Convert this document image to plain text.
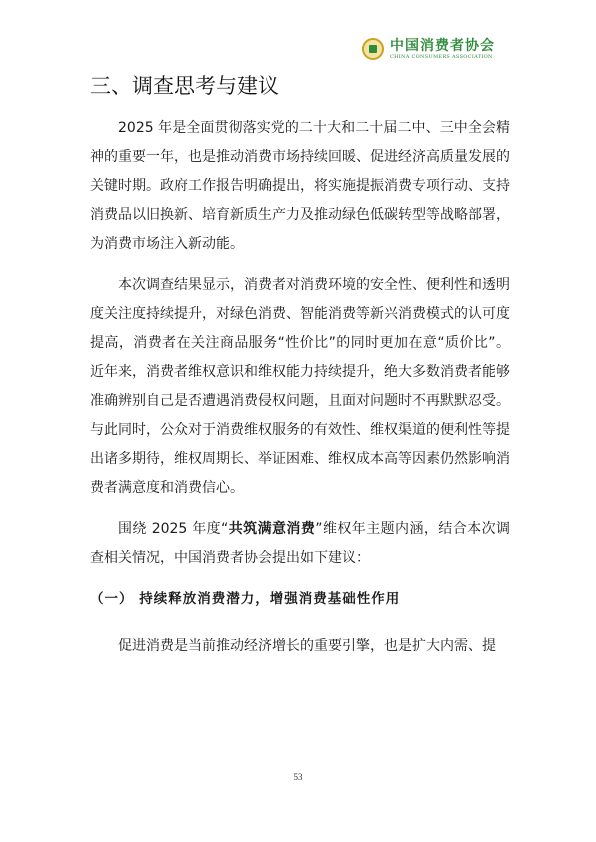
中国消费者协会
CHINA CONSUMERS ASSOCIATION
三、调查思考与建议

2025 年是全面贯彻落实党的二十大和二十届二中、三中全会精神的重要一年，也是推动消费市场持续回暖、促进经济高质量发展的关键时期。政府工作报告明确提出，将实施提振消费专项行动、支持消费品以旧换新、培育新质生产力及推动绿色低碳转型等战略部署，为消费市场注入新动能。

本次调查结果显示，消费者对消费环境的安全性、便利性和透明度关注度持续提升，对绿色消费、智能消费等新兴消费模式的认可度提高，消费者在关注商品服务“性价比”的同时更加在意“质价比”。近年来，消费者维权意识和维权能力持续提升，绝大多数消费者能够准确辨别自己是否遭遇消费侵权问题，且面对问题时不再默默忍受。与此同时，公众对于消费维权服务的有效性、维权渠道的便利性等提出诸多期待，维权周期长、举证困难、维权成本高等因素仍然影响消费者满意度和消费信心。

围绕 2025 年度“共筑满意消费”维权年主题内涵，结合本次调查相关情况，中国消费者协会提出如下建议：

（一） 持续释放消费潜力，增强消费基础性作用

促进消费是当前推动经济增长的重要引擎，也是扩大内需、提

53
